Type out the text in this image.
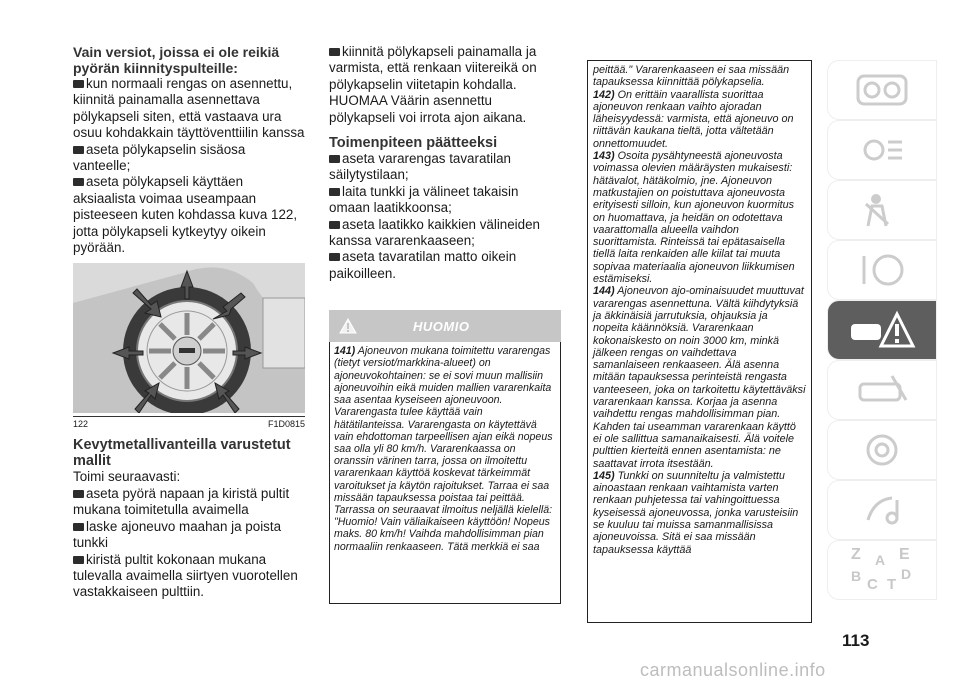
Vain versiot, joissa ei ole reikiä pyörän kiinnityspulteille:

kun normaali rengas on asennettu, kiinnitä painamalla asennettava pölykapseli siten, että vastaava ura osuu kohdakkain täyttöventtiilin kanssa

aseta pölykapselin sisäosa vanteelle;

aseta pölykapseli käyttäen aksiaalista voimaa useampaan pisteeseen kuten kohdassa kuva 122, jotta pölykapseli kytkeytyy oikein pyörään.

122	F1D0815

Kevytmetallivanteilla varustetut mallit

Toimi seuraavasti:

aseta pyörä napaan ja kiristä pultit mukana toimitetulla avaimella

laske ajoneuvo maahan ja poista tunkki

kiristä pultit kokonaan mukana tulevalla avaimella siirtyen vuorotellen vastakkaiseen pulttiin.

kiinnitä pölykapseli painamalla ja varmista, että renkaan viitereikä on pölykapselin viitetapin kohdalla.

HUOMAA Väärin asennettu pölykapseli voi irrota ajon aikana.

Toimenpiteen päätteeksi

aseta vararengas tavaratilan säilytystilaan;

laita tunkki ja välineet takaisin omaan laatikkoonsa;

aseta laatikko kaikkien välineiden kanssa vararenkaaseen;

aseta tavaratilan matto oikein paikoilleen.

HUOMIO

141) Ajoneuvon mukana toimitettu vararengas (tietyt versiot/markkina-alueet) on ajoneuvokohtainen: se ei sovi muun mallisiin ajoneuvoihin eikä muiden mallien vararenkaita saa asentaa kyseiseen ajoneuvoon. Vararengasta tulee käyttää vain hätätilanteissa. Vararengasta on käytettävä vain ehdottoman tarpeellisen ajan eikä nopeus saa olla yli 80 km/h. Vararenkaassa on oranssin värinen tarra, jossa on ilmoitettu vararenkaan käyttöä koskevat tärkeimmät varoitukset ja käytön rajoitukset. Tarraa ei saa missään tapauksessa poistaa tai peittää. Tarrassa on seuraavat ilmoitus neljällä kielellä: "Huomio! Vain väliaikaiseen käyttöön! Nopeus maks. 80 km/h! Vaihda mahdollisimman pian normaaliin renkaaseen. Tätä merkkiä ei saa

peittää." Vararenkaaseen ei saa missään tapauksessa kiinnittää pölykapselia.

142) On erittäin vaarallista suorittaa ajoneuvon renkaan vaihto ajoradan läheisyydessä: varmista, että ajoneuvo on riittävän kaukana tieltä, jotta vältetään onnettomuudet.

143) Osoita pysähtyneestä ajoneuvosta voimassa olevien määräysten mukaisesti: hätävalot, hätäkolmio, jne. Ajoneuvon matkustajien on poistuttava ajoneuvosta erityisesti silloin, kun ajoneuvon kuormitus on huomattava, ja heidän on odotettava vaarattomalla alueella vaihdon suorittamista. Rinteissä tai epätasaisella tiellä laita renkaiden alle kiilat tai muuta sopivaa materiaalia ajoneuvon liikkumisen estämiseksi.

144) Ajoneuvon ajo-ominaisuudet muuttuvat vararengas asennettuna. Vältä kiihdytyksiä ja äkkinäisiä jarrutuksia, ohjauksia ja nopeita käännöksiä. Vararenkaan kokonaiskesto on noin 3000 km, minkä jälkeen rengas on vaihdettava samanlaiseen renkaaseen. Älä asenna mitään tapauksessa perinteistä rengasta vanteeseen, joka on tarkoitettu käytettäväksi vararenkaan kanssa. Korjaa ja asenna vaihdettu rengas mahdollisimman pian. Kahden tai useamman vararenkaan käyttö ei ole sallittua samanaikaisesti. Älä voitele pulttien kierteitä ennen asentamista: ne saattavat irrota itsestään.

145) Tunkki on suunniteltu ja valmistettu ainoastaan renkaan vaihtamista varten renkaan puhjetessa tai vahingoittuessa kyseisessä ajoneuvossa, jonka varusteisiin se kuuluu tai muissa samanmallisissa ajoneuvoissa. Sitä ei saa missään tapauksessa käyttää	Z A E
B	D
C T
113
carmanualsonline.info
